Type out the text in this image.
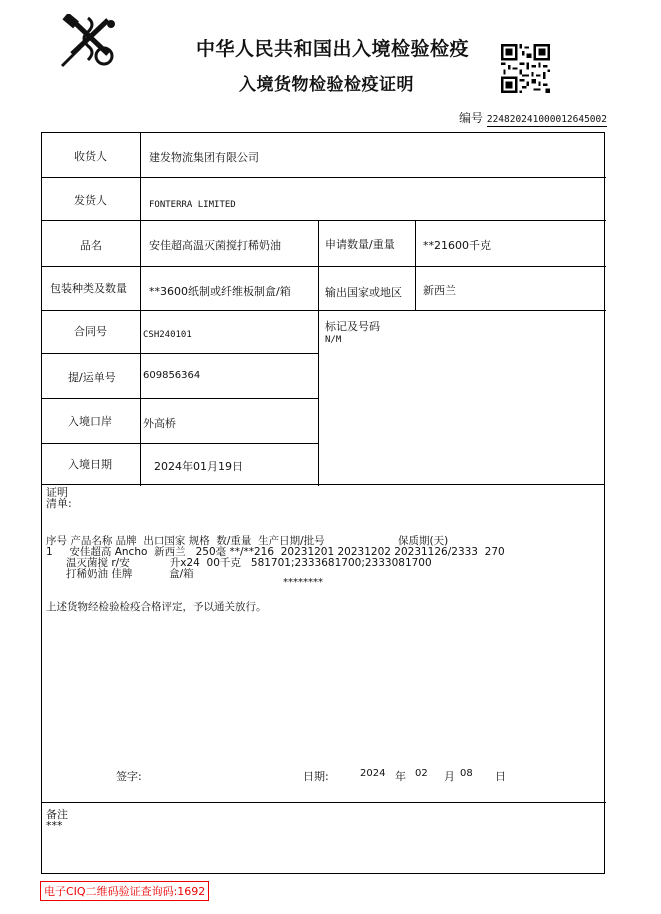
中华人民共和国出入境检验检疫
入境货物检验检疫证明
编号 224820241000012645002
收货人	建发物流集团有限公司
发货人	FONTERRA LIMITED
品名	安佳超高温灭菌搅打稀奶油	申请数量/重量	**21600千克
包装种类及数量 **3600纸制或纤维板制盒/箱	输出国家或地区 新西兰
合同号	CSH240101
标记及号码
N/M
提/运单号	609856364
入境口岸	外高桥
入境日期	2024年01月19日
证明
清单:

序号 产品名称 品牌  出口国家 规格  数/重量  生产日期/批号                      保质期(天)
1     安佳超高 Ancho  新西兰   250毫 **/**216  20231201 20231202 20231126/2333  270
温灭菌搅 r/安            升x24  00千克   581701;2333681700;2333081700
打稀奶油 佳牌           盒/箱

上述货物经检验检疫合格评定，予以通关放行。

********
签字:	日期:	2024 年 02 月 08 日
备注
***
电子CIQ二维码验证查询码:1692
